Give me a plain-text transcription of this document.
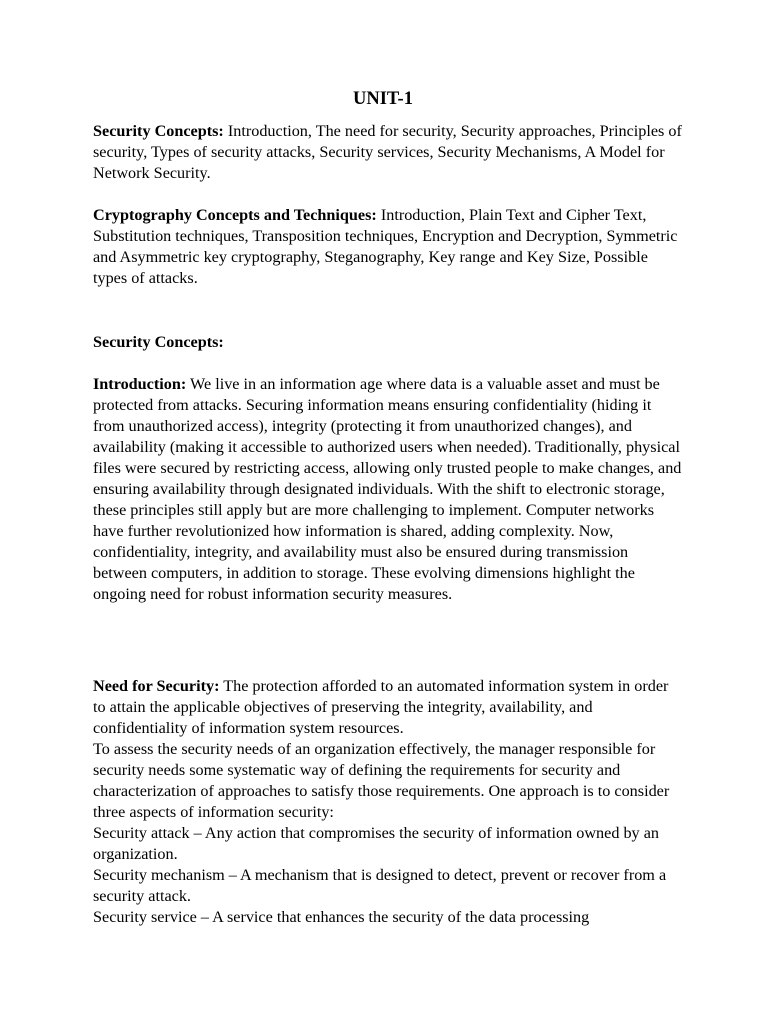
UNIT-1

Security Concepts: Introduction, The need for security, Security approaches, Principles of security, Types of security attacks, Security services, Security Mechanisms, A Model for Network Security.

Cryptography Concepts and Techniques: Introduction, Plain Text and Cipher Text, Substitution techniques, Transposition techniques, Encryption and Decryption, Symmetric and Asymmetric key cryptography, Steganography, Key range and Key Size, Possible types of attacks.

Security Concepts:

Introduction: We live in an information age where data is a valuable asset and must be protected from attacks. Securing information means ensuring confidentiality (hiding it from unauthorized access), integrity (protecting it from unauthorized changes), and availability (making it accessible to authorized users when needed). Traditionally, physical files were secured by restricting access, allowing only trusted people to make changes, and ensuring availability through designated individuals. With the shift to electronic storage, these principles still apply but are more challenging to implement. Computer networks have further revolutionized how information is shared, adding complexity. Now, confidentiality, integrity, and availability must also be ensured during transmission between computers, in addition to storage. These evolving dimensions highlight the ongoing need for robust information security measures.

Need for Security: The protection afforded to an automated information system in order to attain the applicable objectives of preserving the integrity, availability, and confidentiality of information system resources.

To assess the security needs of an organization effectively, the manager responsible for security needs some systematic way of defining the requirements for security and characterization of approaches to satisfy those requirements. One approach is to consider three aspects of information security:
Security attack – Any action that compromises the security of information owned by an organization.
Security mechanism – A mechanism that is designed to detect, prevent or recover from a security attack.
Security service – A service that enhances the security of the data processing
